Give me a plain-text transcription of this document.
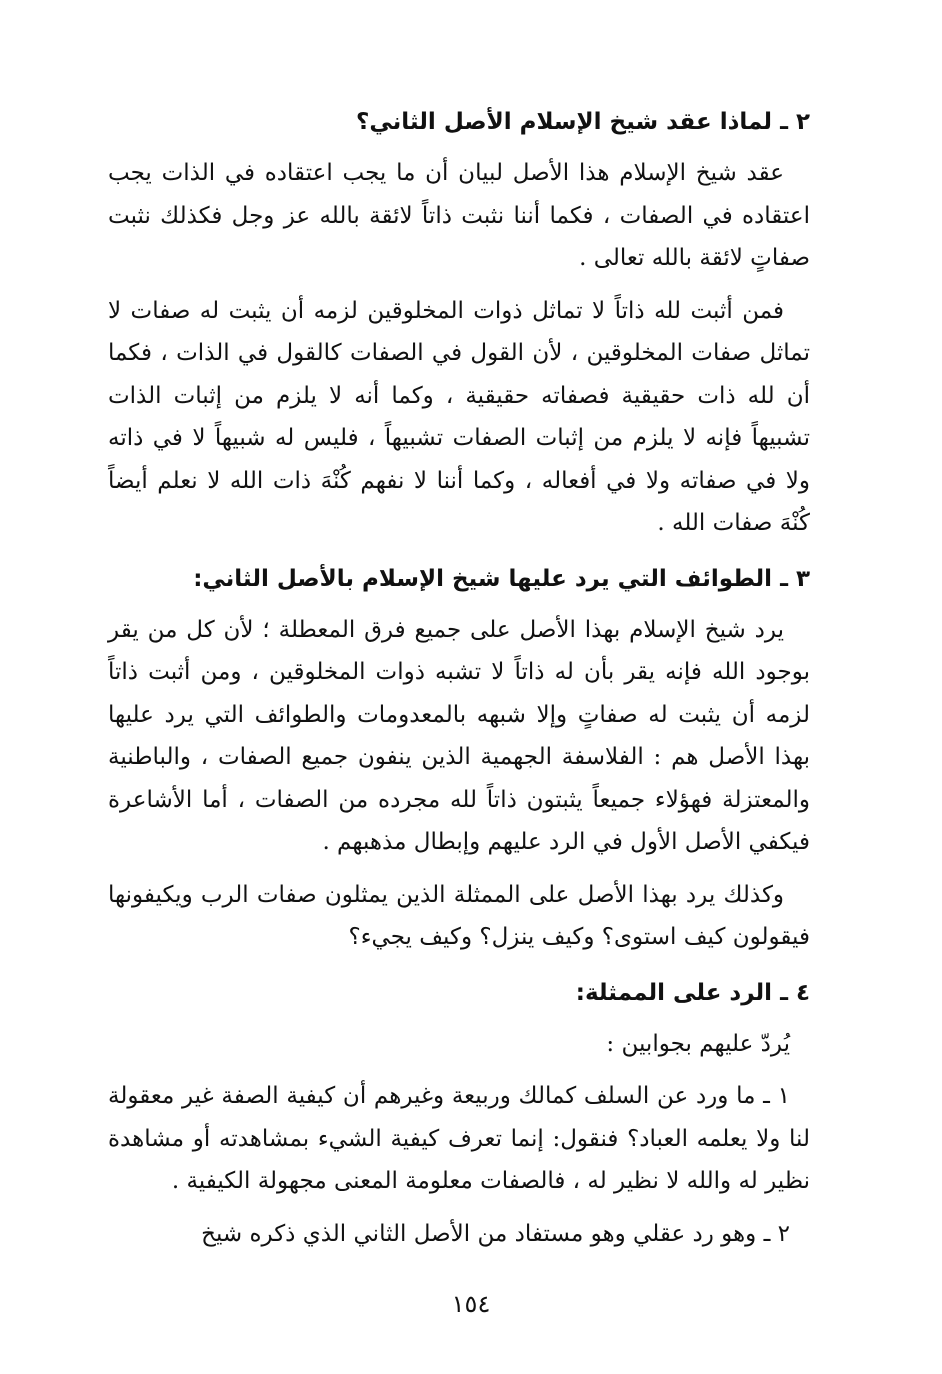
٢ ـ لماذا عقد شيخ الإسلام الأصل الثاني؟

عقد شيخ الإسلام هذا الأصل لبيان أن ما يجب اعتقاده في الذات يجب اعتقاده في الصفات ، فكما أننا نثبت ذاتاً لائقة بالله عز وجل فكذلك نثبت صفاتٍ لائقة بالله تعالى .

فمن أثبت لله ذاتاً لا تماثل ذوات المخلوقين لزمه أن يثبت له صفات لا تماثل صفات المخلوقين ، لأن القول في الصفات كالقول في الذات ، فكما أن لله ذات حقيقية فصفاته حقيقية ، وكما أنه لا يلزم من إثبات الذات تشبيهاً فإنه لا يلزم من إثبات الصفات تشبيهاً ، فليس له شبيهاً لا في ذاته ولا في صفاته ولا في أفعاله ، وكما أننا لا نفهم كُنْهَ ذات الله لا نعلم أيضاً كُنْهَ صفات الله .

٣ ـ الطوائف التي يرد عليها شيخ الإسلام بالأصل الثاني:

يرد شيخ الإسلام بهذا الأصل على جميع فرق المعطلة ؛ لأن كل من يقر بوجود الله فإنه يقر بأن له ذاتاً لا تشبه ذوات المخلوقين ، ومن أثبت ذاتاً لزمه أن يثبت له صفاتٍ وإلا شبهه بالمعدومات والطوائف التي يرد عليها بهذا الأصل هم : الفلاسفة الجهمية الذين ينفون جميع الصفات ، والباطنية والمعتزلة فهؤلاء جميعاً يثبتون ذاتاً لله مجرده من الصفات ، أما الأشاعرة فيكفي الأصل الأول في الرد عليهم وإبطال مذهبهم .

وكذلك يرد بهذا الأصل على الممثلة الذين يمثلون صفات الرب ويكيفونها فيقولون كيف استوى؟ وكيف ينزل؟ وكيف يجيء؟

٤ ـ الرد على الممثلة:

يُردّ عليهم بجوابين :

١ ـ ما ورد عن السلف كمالك وربيعة وغيرهم أن كيفية الصفة غير معقولة لنا ولا يعلمه العباد؟ فنقول: إنما تعرف كيفية الشيء بمشاهدته أو مشاهدة نظير له والله لا نظير له ، فالصفات معلومة المعنى مجهولة الكيفية .

٢ ـ وهو رد عقلي وهو مستفاد من الأصل الثاني الذي ذكره شيخ

١٥٤
